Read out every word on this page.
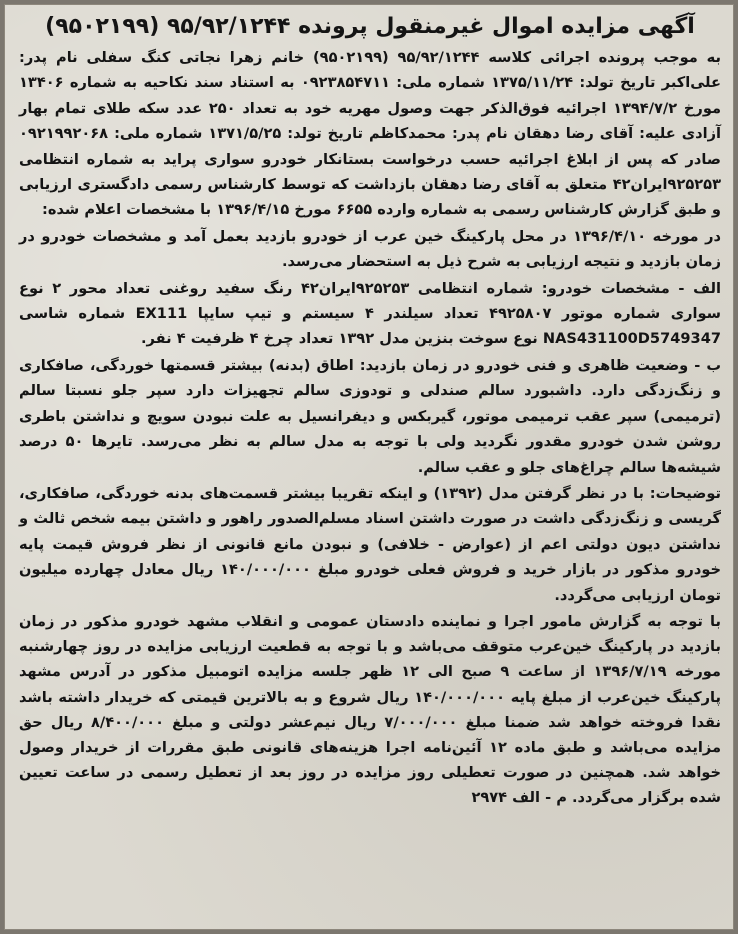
آگهی مزایده اموال غیرمنقول پرونده ۹۵/۹۲/۱۲۴۴ (۹۵۰۲۱۹۹)

به موجب پرونده اجرائی کلاسه ۹۵/۹۲/۱۲۴۴ (۹۵۰۲۱۹۹) خانم زهرا نجاتی کنگ سفلی نام پدر: علی‌اکبر تاریخ تولد: ۱۳۷۵/۱۱/۲۴ شماره ملی: ۰۹۲۳۸۵۴۷۱۱ به استناد سند نکاحیه به شماره ۱۳۴۰۶ مورخ ۱۳۹۴/۷/۲ اجرائیه فوق‌الذکر جهت وصول مهریه خود به تعداد ۲۵۰ عدد سکه طلای تمام بهار آزادی علیه: آقای رضا دهقان نام پدر: محمدکاظم تاریخ تولد: ۱۳۷۱/۵/۲۵ شماره ملی: ۰۹۲۱۹۹۲۰۶۸ صادر که پس از ابلاغ اجرائیه حسب درخواست بستانکار خودرو سواری پراید به شماره انتظامی ۹۲۵۲۵۳ایران۴۲ متعلق به آقای رضا دهقان بازداشت که توسط کارشناس رسمی دادگستری ارزیابی و طبق گزارش کارشناس رسمی به شماره وارده ۶۶۵۵ مورخ ۱۳۹۶/۴/۱۵ با مشخصات اعلام شده:

در مورخه ۱۳۹۶/۴/۱۰ در محل پارکینگ خین عرب از خودرو بازدید بعمل آمد و مشخصات خودرو در زمان بازدید و نتیجه ارزیابی به شرح ذیل به استحضار می‌رسد.

الف - مشخصات خودرو: شماره انتظامی ۹۲۵۲۵۳ایران۴۲ رنگ سفید روغنی تعداد محور ۲ نوع سواری شماره موتور ۴۹۲۵۸۰۷ تعداد سیلندر ۴ سیستم و تیپ سایپا EX111 شماره شاسی NAS431100D5749347 نوع سوخت بنزین مدل ۱۳۹۲ تعداد چرخ ۴ ظرفیت ۴ نفر.

ب - وضعیت ظاهری و فنی خودرو در زمان بازدید: اطاق (بدنه) بیشتر قسمتها خوردگی، صافکاری و زنگ‌زدگی دارد. داشبورد سالم صندلی و تودوزی سالم تجهیزات دارد سپر جلو نسبتا سالم (ترمیمی) سپر عقب ترمیمی موتور، گیربکس و دیفرانسیل به علت نبودن سویچ و نداشتن باطری روشن شدن خودرو مقدور نگردید ولی با توجه به مدل سالم به نظر می‌رسد. تایرها ۵۰ درصد شیشه‌ها سالم چراغ‌های جلو و عقب سالم.

توضیحات: با در نظر گرفتن مدل (۱۳۹۲) و اینکه تقریبا بیشتر قسمت‌های بدنه خوردگی، صافکاری، گریسی و زنگ‌زدگی داشت در صورت داشتن اسناد مسلم‌الصدور راهور و داشتن بیمه شخص ثالث و نداشتن دیون دولتی اعم از (عوارض - خلافی) و نبودن مانع قانونی از نظر فروش قیمت پایه خودرو مذکور در بازار خرید و فروش فعلی خودرو مبلغ ۱۴۰/۰۰۰/۰۰۰ ریال معادل چهارده میلیون تومان ارزیابی می‌گردد.

با توجه به گزارش مامور اجرا و نماینده دادستان عمومی و انقلاب مشهد خودرو مذکور در زمان بازدید در پارکینگ خین‌عرب متوقف می‌باشد و با توجه به قطعیت ارزیابی مزایده در روز چهارشنبه مورخه ۱۳۹۶/۷/۱۹ از ساعت ۹ صبح الی ۱۲ ظهر جلسه مزایده اتومبیل مذکور در آدرس مشهد پارکینگ خین‌عرب از مبلغ پایه ۱۴۰/۰۰۰/۰۰۰ ریال شروع و به بالاترین قیمتی که خریدار داشته باشد نقدا فروخته خواهد شد ضمنا مبلغ ۷/۰۰۰/۰۰۰ ریال نیم‌عشر دولتی و مبلغ ۸/۴۰۰/۰۰۰ ریال حق مزایده می‌باشد و طبق ماده ۱۲ آئین‌نامه اجرا هزینه‌های قانونی طبق مقررات از خریدار وصول خواهد شد. همچنین در صورت تعطیلی روز مزایده در روز بعد از تعطیل رسمی در ساعت تعیین شده برگزار می‌گردد. م - الف ۲۹۷۴
